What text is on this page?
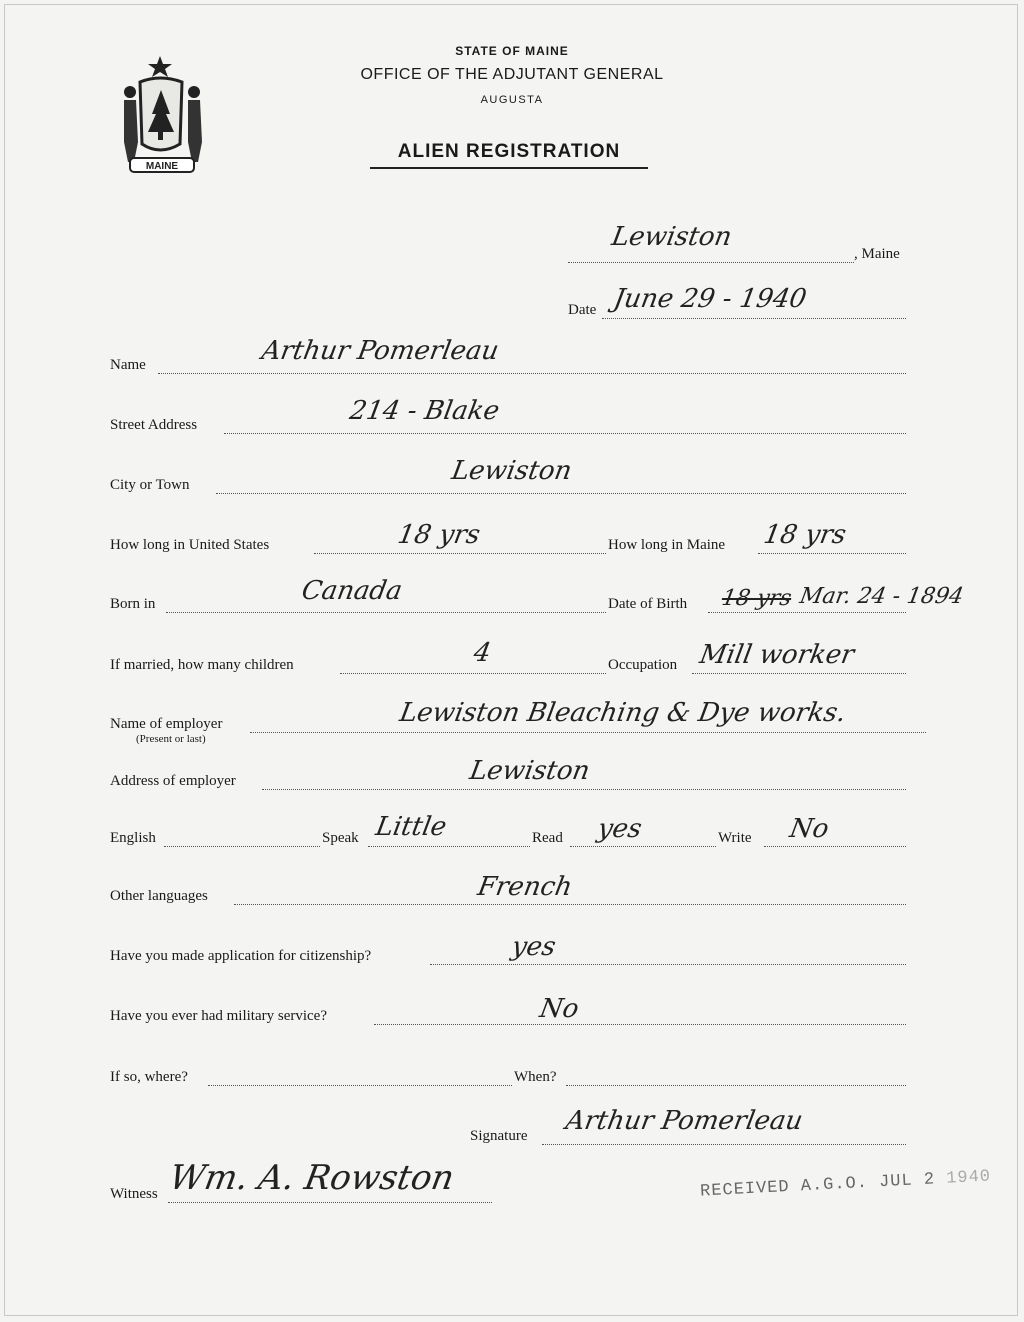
MAINE
STATE OF MAINE
OFFICE OF THE ADJUTANT GENERAL
AUGUSTA
ALIEN REGISTRATION
Lewiston
, Maine
Date June 29 - 1940
Name	Arthur Pomerleau
Street Address	214 - Blake
City or Town	Lewiston
How long in United States	18 yrs	How long in Maine 18 yrs
Born in	Canada	Date of Birth 18 yrs Mar. 24 - 1894
If married, how many children	4	Occupation Mill worker
Name of employer
(Present or last)
Lewiston Bleaching & Dye works.
Address of employer	Lewiston
English	Speak Little	Read yes	Write No
Other languages	French
Have you made application for citizenship?	yes
Have you ever had military service?	No
If so, where?	When?
Signature Arthur Pomerleau
Witness Wm. A. Rowston	RECEIVED A.G.O. JUL 2 1940
